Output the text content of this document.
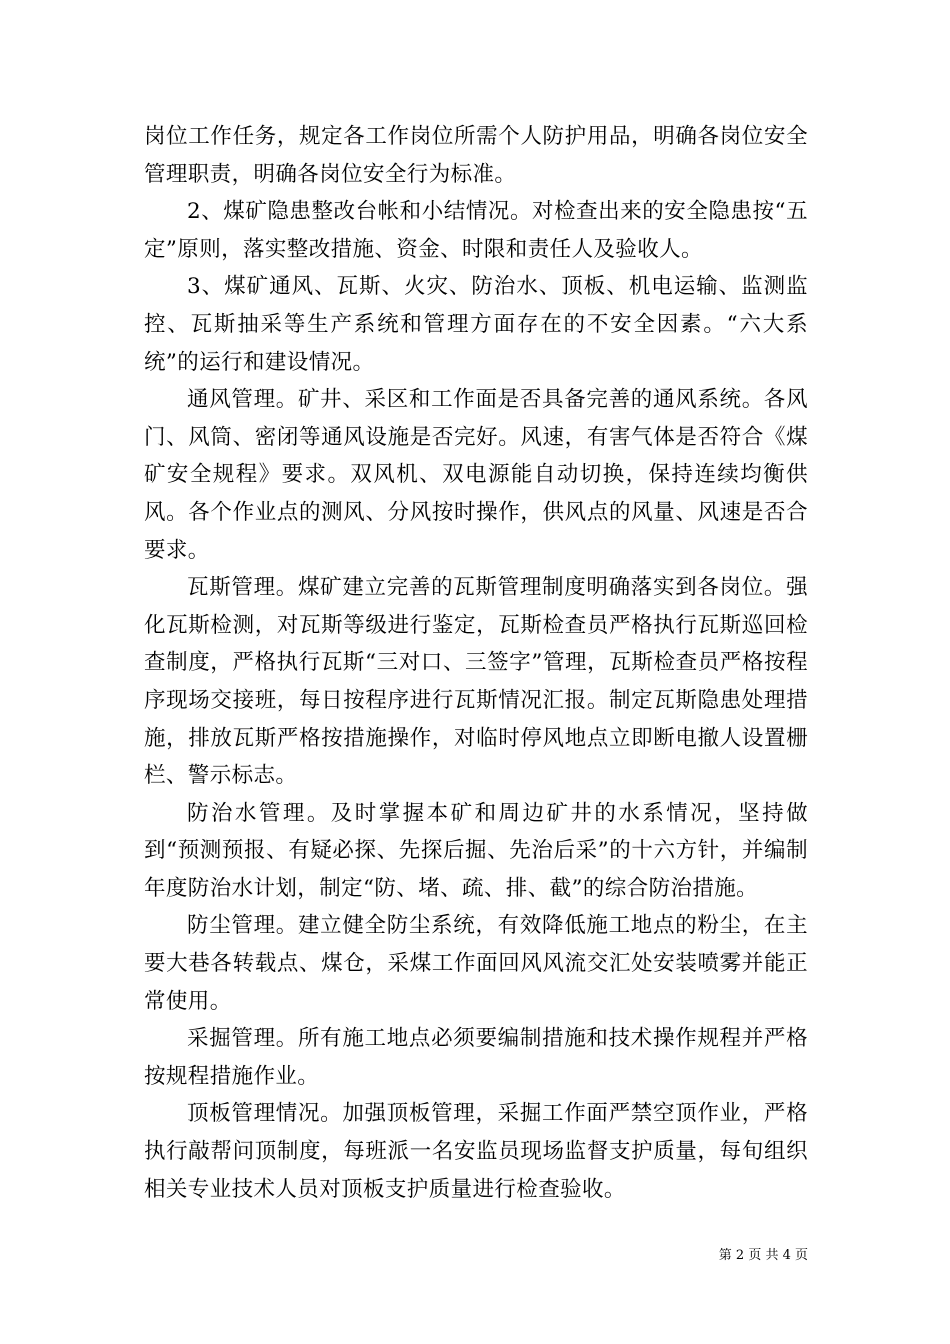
岗位工作任务，规定各工作岗位所需个人防护用品，明确各岗位安全管理职责，明确各岗位安全行为标准。

2、煤矿隐患整改台帐和小结情况。对检查出来的安全隐患按“五定”原则，落实整改措施、资金、时限和责任人及验收人。

3、煤矿通风、瓦斯、火灾、防治水、顶板、机电运输、监测监控、瓦斯抽采等生产系统和管理方面存在的不安全因素。“六大系统”的运行和建设情况。

通风管理。矿井、采区和工作面是否具备完善的通风系统。各风门、风筒、密闭等通风设施是否完好。风速，有害气体是否符合《煤矿安全规程》要求。双风机、双电源能自动切换，保持连续均衡供风。各个作业点的测风、分风按时操作，供风点的风量、风速是否合要求。

瓦斯管理。煤矿建立完善的瓦斯管理制度明确落实到各岗位。强化瓦斯检测，对瓦斯等级进行鉴定，瓦斯检查员严格执行瓦斯巡回检查制度，严格执行瓦斯“三对口、三签字”管理，瓦斯检查员严格按程序现场交接班，每日按程序进行瓦斯情况汇报。制定瓦斯隐患处理措施，排放瓦斯严格按措施操作，对临时停风地点立即断电撤人设置栅栏、警示标志。

防治水管理。及时掌握本矿和周边矿井的水系情况，坚持做到“预测预报、有疑必探、先探后掘、先治后采”的十六方针，并编制年度防治水计划，制定“防、堵、疏、排、截”的综合防治措施。

防尘管理。建立健全防尘系统，有效降低施工地点的粉尘，在主要大巷各转载点、煤仓，采煤工作面回风风流交汇处安装喷雾并能正常使用。

采掘管理。所有施工地点必须要编制措施和技术操作规程并严格按规程措施作业。

顶板管理情况。加强顶板管理，采掘工作面严禁空顶作业，严格执行敲帮问顶制度，每班派一名安监员现场监督支护质量，每旬组织相关专业技术人员对顶板支护质量进行检查验收。

第 2 页 共 4 页
